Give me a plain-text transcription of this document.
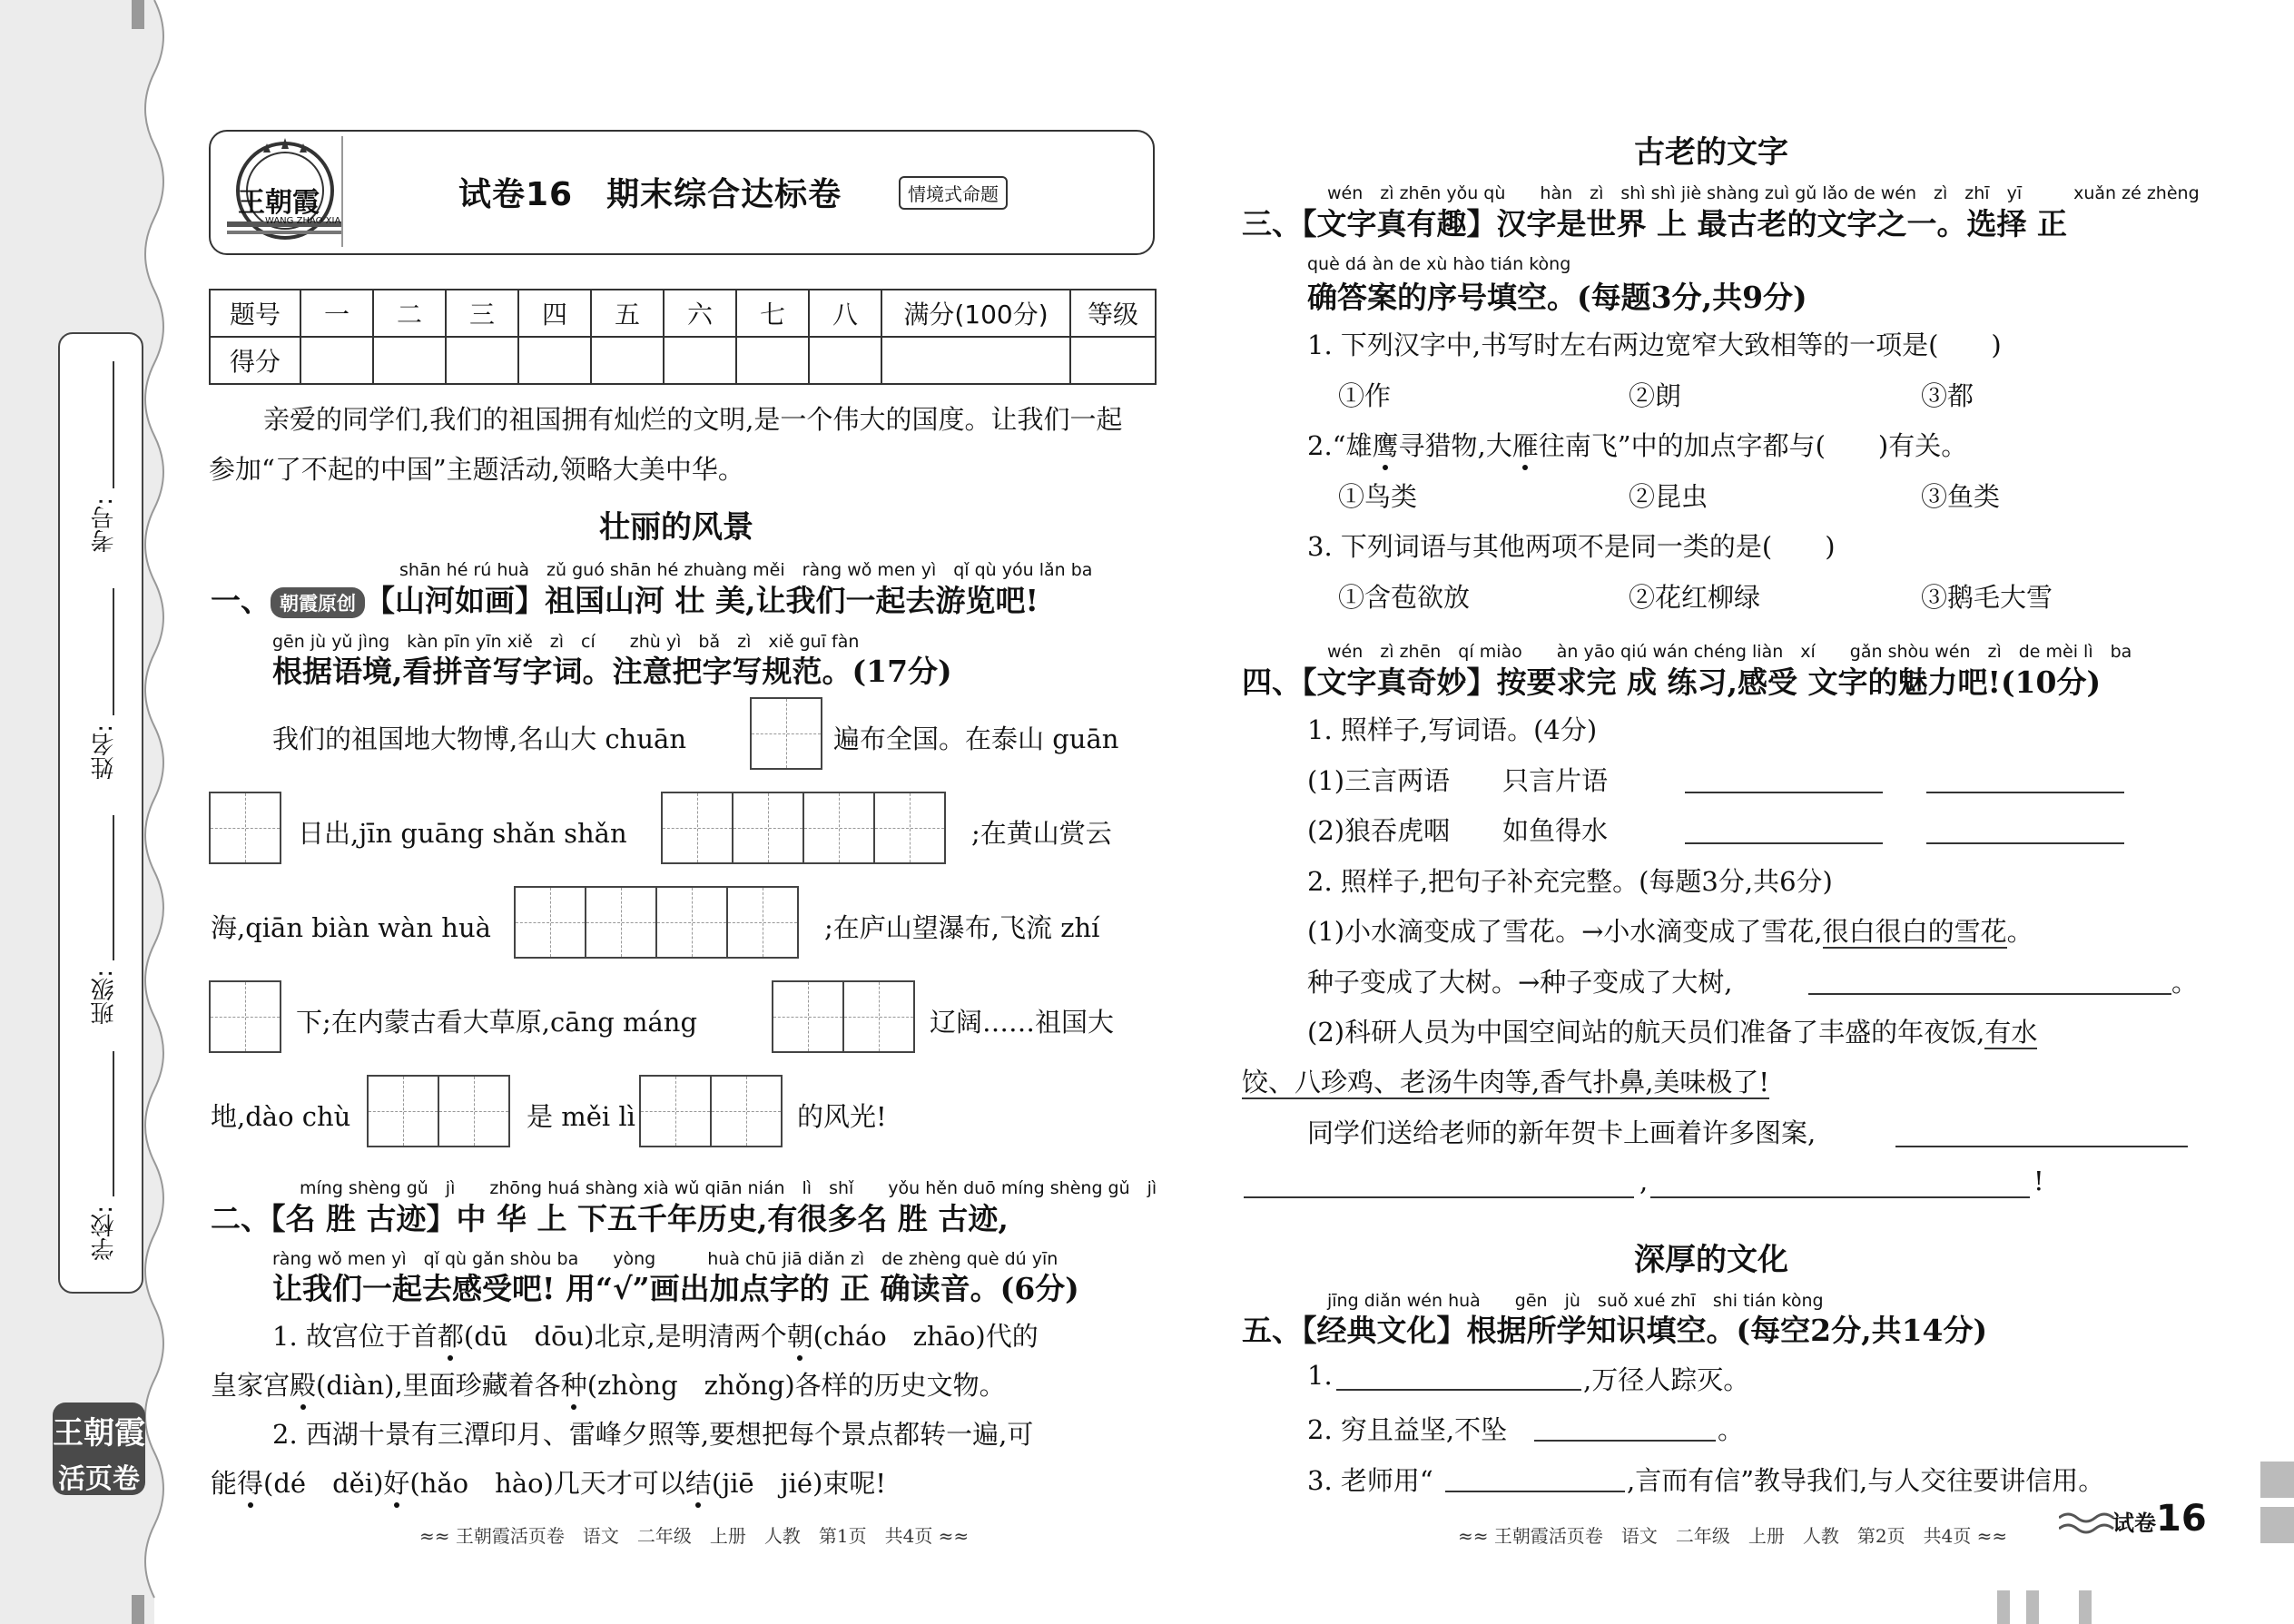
考号:
姓名:
班级:
学校:
王朝霞
活页卷
王朝霞
WANG ZHAO XIA
试卷16　期末综合达标卷	情境式命题
题号	一	二	三	四	五	六	七	八	满分(100分)	等级
得分										
亲爱的同学们,我们的祖国拥有灿烂的文明,是一个伟大的国度。让我们一起
参加“了不起的中国”主题活动,领略大美中华。
壮丽的风景
shān hé rú huà　zǔ guó shān hé zhuàng měi　ràng wǒ men yì　qǐ qù yóu lǎn ba
一、 朝霞原创 【山河如画】祖国山河 壮 美,让我们一起去游览吧!
gēn jù yǔ jìng　kàn pīn yīn xiě　zì　cí　　zhù yì　bǎ　zì　xiě guī fàn
根据语境,看拼音写字词。注意把字写规范。(17分)
我们的祖国地大物博,名山大 chuān	遍布全国。在泰山 guān
日出,jīn guāng shǎn shǎn	;在黄山赏云
海,qiān biàn wàn huà	;在庐山望瀑布,飞流 zhí
下;在内蒙古看大草原,cāng máng	辽阔……祖国大
地,dào chù	是 měi lì	的风光!
míng shèng gǔ　jì　　zhōng huá shàng xià wǔ qiān nián　lì　shǐ　　yǒu hěn duō míng shèng gǔ　jì
二、【名 胜 古迹】中 华 上 下五千年历史,有很多名 胜 古迹,
ràng wǒ men yì　qǐ qù gǎn shòu ba　　yòng　　　huà chū jiā diǎn zì　de zhèng què dú yīn
让我们一起去感受吧! 用“√”画出加点字的 正 确读音。(6分)
1. 故宫位于首都(dū　dōu)北京,是明清两个朝(cháo　zhāo)代的
皇家宫殿(diàn),里面珍藏着各种(zhòng　zhǒng)各样的历史文物。
2. 西湖十景有三潭印月、雷峰夕照等,要想把每个景点都转一遍,可
能得(dé　děi)好(hǎo　hào)几天才可以结(jiē　jié)束呢!
≈≈ 王朝霞活页卷　语文　二年级　上册　人教　第1页　共4页 ≈≈
古老的文字
wén　zì zhēn yǒu qù　　hàn　zì　shì shì jiè shàng zuì gǔ lǎo de wén　zì　zhī　yī　　　xuǎn zé zhèng
三、【文字真有趣】汉字是世界 上 最古老的文字之一。选择 正
què dá àn de xù hào tián kòng
确答案的序号填空。(每题3分,共9分)
1. 下列汉字中,书写时左右两边宽窄大致相等的一项是(　　)
①作	②朗	③都
2.“雄鹰寻猎物,大雁往南飞”中的加点字都与(　　)有关。
①鸟类	②昆虫	③鱼类
3. 下列词语与其他两项不是同一类的是(　　)
①含苞欲放	②花红柳绿	③鹅毛大雪
wén　zì zhēn　qí miào　　àn yāo qiú wán chéng liàn　xí　　gǎn shòu wén　zì　de mèi lì　ba
四、【文字真奇妙】按要求完 成 练习,感受 文字的魅力吧!(10分)
1. 照样子,写词语。(4分)
(1)三言两语　　只言片语
(2)狼吞虎咽　　如鱼得水
2. 照样子,把句子补充完整。(每题3分,共6分)
(1)小水滴变成了雪花。→小水滴变成了雪花,很白很白的雪花。
种子变成了大树。→种子变成了大树,	。
(2)科研人员为中国空间站的航天员们准备了丰盛的年夜饭,有水
饺、八珍鸡、老汤牛肉等,香气扑鼻,美味极了!
同学们送给老师的新年贺卡上画着许多图案,
,	!
深厚的文化
jīng diǎn wén huà　　gēn　jù　suǒ xué zhī　shi tián kòng
五、【经典文化】根据所学知识填空。(每空2分,共14分)
1.	,万径人踪灭。
2. 穷且益坚,不坠	。
3. 老师用“	,言而有信”教导我们,与人交往要讲信用。
≈≈ 王朝霞活页卷　语文　二年级　上册　人教　第2页　共4页 ≈≈	试卷16
